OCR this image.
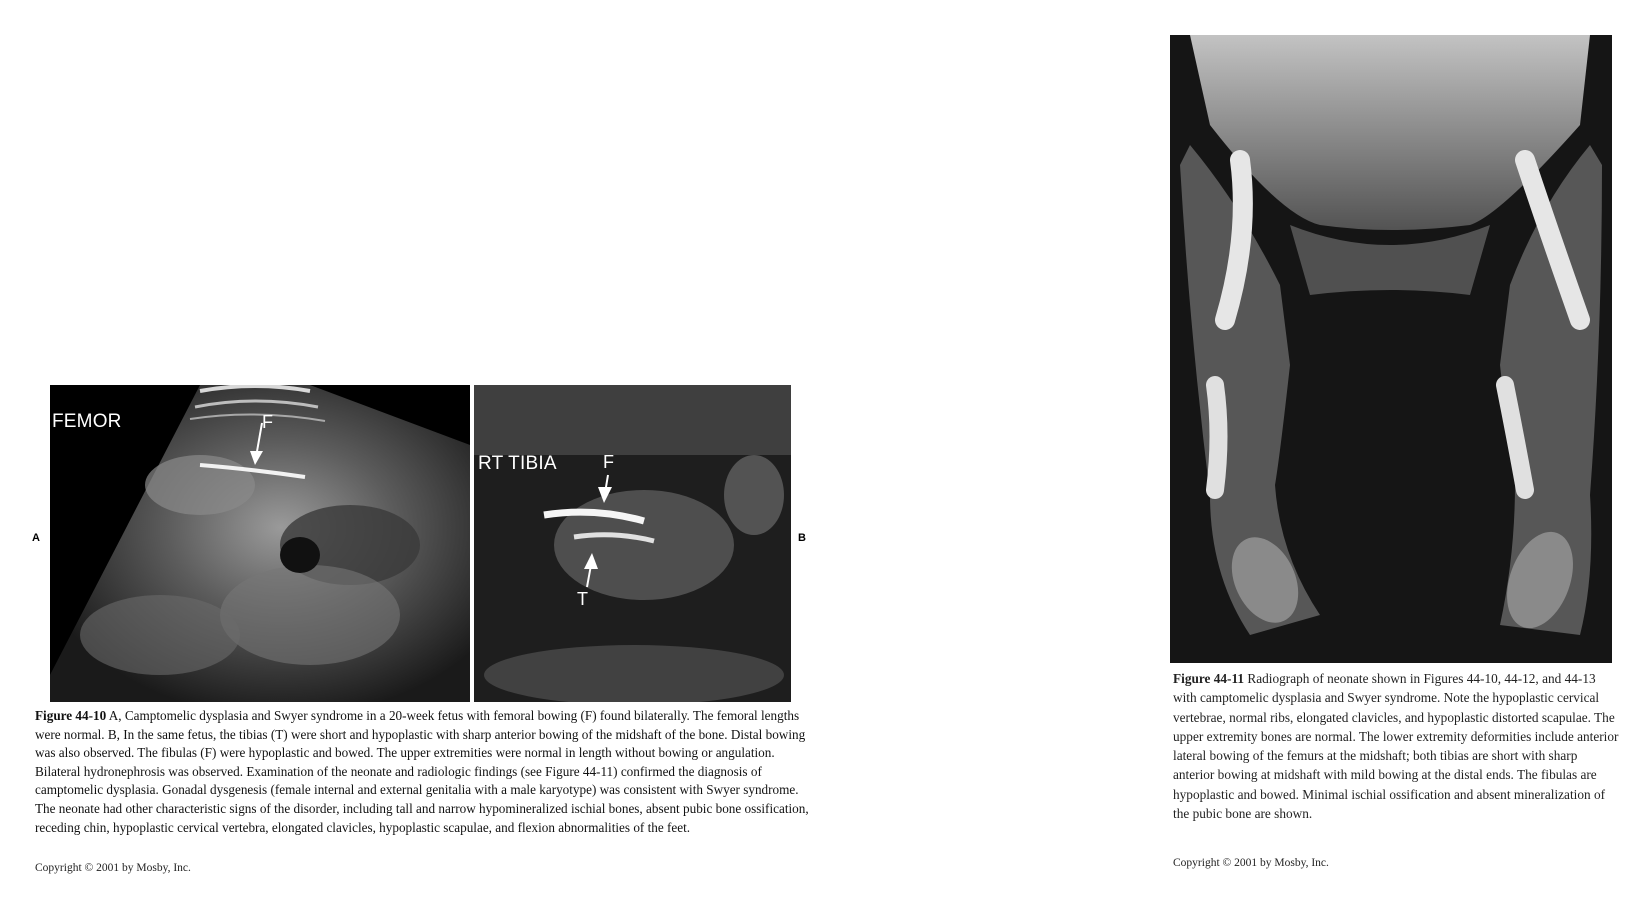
A
FEMOR	F
RT TIBIA	F
T
B
Figure 44-10 A, Camptomelic dysplasia and Swyer syndrome in a 20-week fetus with femoral bowing (F) found bilaterally. The femoral lengths were normal. B, In the same fetus, the tibias (T) were short and hypoplastic with sharp anterior bowing of the midshaft of the bone. Distal bowing was also observed. The fibulas (F) were hypoplastic and bowed. The upper extremities were normal in length without bowing or angulation. Bilateral hydronephrosis was observed. Examination of the neonate and radiologic findings (see Figure 44-11) confirmed the diagnosis of camptomelic dysplasia. Gonadal dysgenesis (female internal and external genitalia with a male karyotype) was consistent with Swyer syndrome. The neonate had other characteristic signs of the disorder, including tall and narrow hypomineralized ischial bones, absent pubic bone ossification, receding chin, hypoplastic cervical vertebra, elongated clavicles, hypoplastic scapulae, and flexion abnormalities of the feet.
Copyright © 2001 by Mosby, Inc.
Figure 44-11 Radiograph of neonate shown in Figures 44-10, 44-12, and 44-13 with camptomelic dysplasia and Swyer syndrome. Note the hypoplastic cervical vertebrae, normal ribs, elongated clavicles, and hypoplastic distorted scapulae. The upper extremity bones are normal. The lower extremity deformities include anterior lateral bowing of the femurs at the midshaft; both tibias are short with sharp anterior bowing at midshaft with mild bowing at the distal ends. The fibulas are hypoplastic and bowed. Minimal ischial ossification and absent mineralization of the pubic bone are shown.
Copyright © 2001 by Mosby, Inc.
